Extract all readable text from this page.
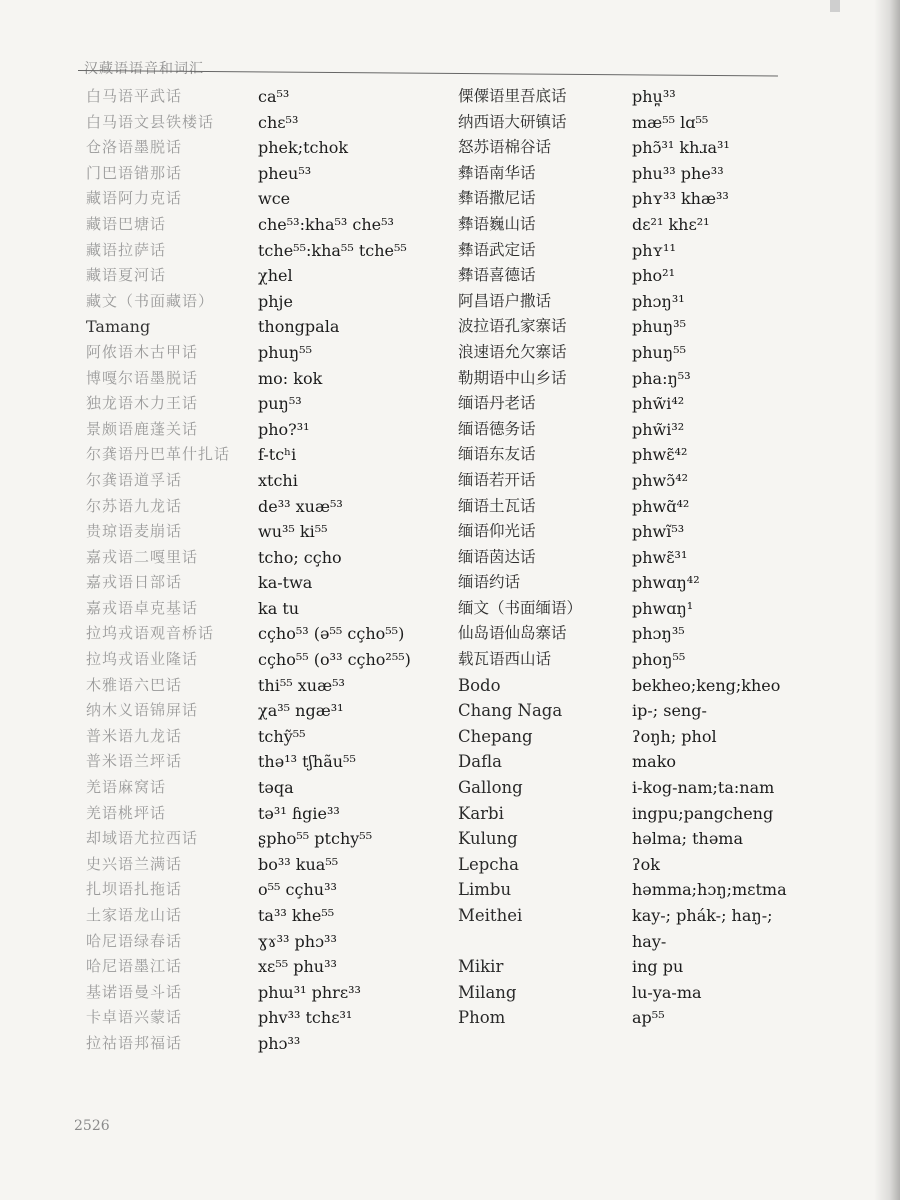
汉藏语语音和词汇
白马语平武话
白马语文县铁楼话
仓洛语墨脱话
门巴语错那话
藏语阿力克话
藏语巴塘话
藏语拉萨话
藏语夏河话
藏文（书面藏语）
Tamang
阿侬语木古甲话
博嘎尔语墨脱话
独龙语木力王话
景颇语鹿蓬关话
尔龚语丹巴革什扎话
尔龚语道孚话
尔苏语九龙话
贵琼语麦崩话
嘉戎语二嘎里话
嘉戎语日部话
嘉戎语卓克基话
拉坞戎语观音桥话
拉坞戎语业隆话
木雅语六巴话
纳木义语锦屏话
普米语九龙话
普米语兰坪话
羌语麻窝话
羌语桃坪话
却域语尤拉西话
史兴语兰满话
扎坝语扎拖话
土家语龙山话
哈尼语绿春话
哈尼语墨江话
基诺语曼斗话
卡卓语兴蒙话
拉祜语邦福话
ca⁵³
chɛ⁵³
phek;tchok
pheu⁵³
wce
che⁵³:kha⁵³ che⁵³
tche⁵⁵:kha⁵⁵ tche⁵⁵
χhel
phje
thongpala
phuŋ⁵⁵
mo: kok
puŋ⁵³
pho?³¹
f-tcʰi
xtchi
de³³ xuæ⁵³
wu³⁵ ki⁵⁵
tcho; cçho
ka-twa
ka tu
cçho⁵³ (ə⁵⁵ cçho⁵⁵)
cçho⁵⁵ (o³³ cçho²⁵⁵)
thi⁵⁵ xuæ⁵³
χa³⁵ ngæ³¹
tchỹ⁵⁵
thə¹³ tʃhãu⁵⁵
təqa
tə³¹ ɦgie³³
ʂpho⁵⁵ ptchy⁵⁵
bo³³ kua⁵⁵
o⁵⁵ cçhu³³
ta³³ khe⁵⁵
ɣɤ³³ phɔ³³
xɛ⁵⁵ phu³³
phɯ³¹ phrɛ³³
phv³³ tchɛ³¹
phɔ³³
傈僳语里吾底话
纳西语大研镇话
怒苏语棉谷话
彝语南华话
彝语撒尼话
彝语巍山话
彝语武定话
彝语喜德话
阿昌语户撒话
波拉语孔家寨话
浪速语允欠寨话
勒期语中山乡话
缅语丹老话
缅语德务话
缅语东友话
缅语若开话
缅语土瓦话
缅语仰光话
缅语茵达话
缅语约话
缅文（书面缅语）
仙岛语仙岛寨话
载瓦语西山话
Bodo
Chang Naga
Chepang
Dafla
Gallong
Karbi
Kulung
Lepcha
Limbu
Meithei
Mikir
Milang
Phom
phu̪³³
mæ⁵⁵ lɑ⁵⁵
phɔ̃³¹ khɹa³¹
phu³³ phe³³
phʏ³³ khæ³³
dɛ²¹ khɛ²¹
phʏ¹¹
pho²¹
phɔŋ³¹
phuŋ³⁵
phuŋ⁵⁵
pha:ŋ⁵³
phw̃i⁴²
phw̃i³²
phwɛ̃⁴²
phwɔ̃⁴²
phwɑ̃⁴²
phwĩ⁵³
phwɛ̃³¹
phwɑŋ⁴²
phwɑŋ¹
phɔŋ³⁵
phoŋ⁵⁵
bekheo;keng;kheo
ip-; seng-
ʔoŋh; phol
mako
i-kog-nam;ta:nam
ingpu;pangcheng
həlma; thəma
ʔok
həmma;hɔŋ;mɛtma
kay-; phák-; haŋ-;
hay-
ing pu
lu-ya-ma
ap⁵⁵
2526
